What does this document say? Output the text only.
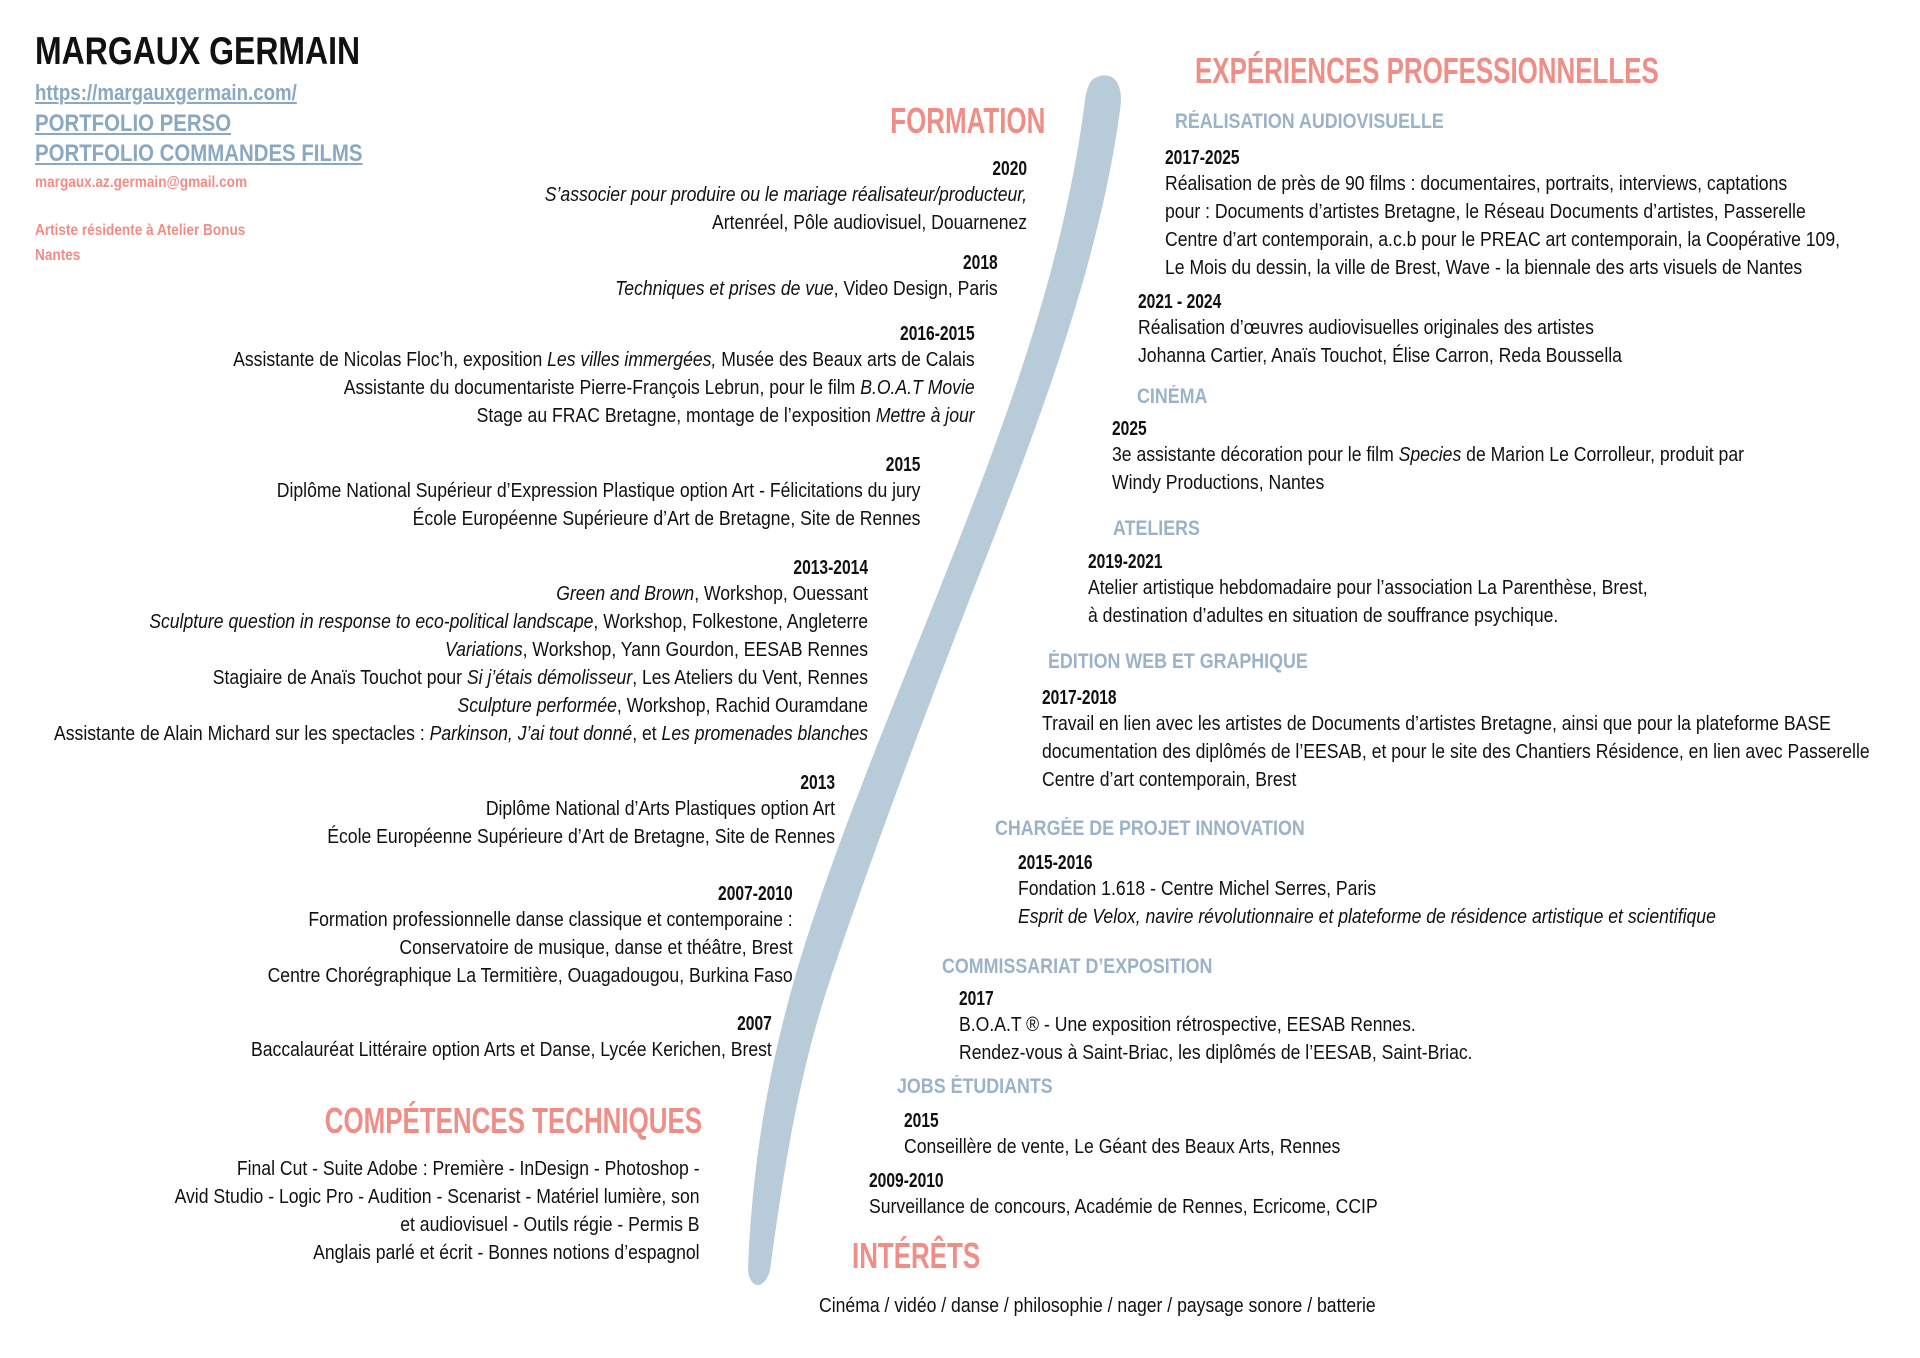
MARGAUX GERMAIN
https://margauxgermain.com/
PORTFOLIO PERSO
PORTFOLIO COMMANDES FILMS
margaux.az.germain@gmail.com
Artiste résidente à Atelier Bonus
Nantes
FORMATION
2020
S’associer pour produire ou le mariage réalisateur/producteur,
Artenréel, Pôle audiovisuel, Douarnenez
2018
Techniques et prises de vue, Video Design, Paris
2016-2015
Assistante de Nicolas Floc’h, exposition Les villes immergées, Musée des Beaux arts de Calais
Assistante du documentariste Pierre-François Lebrun, pour le film B.O.A.T Movie
Stage au FRAC Bretagne, montage de l’exposition Mettre à jour
2015
Diplôme National Supérieur d’Expression Plastique option Art - Félicitations du jury
École Européenne Supérieure d’Art de Bretagne, Site de Rennes
2013-2014
Green and Brown, Workshop, Ouessant
Sculpture question in response to eco-political landscape, Workshop, Folkestone, Angleterre
Variations, Workshop, Yann Gourdon, EESAB Rennes
Stagiaire de Anaïs Touchot pour Si j’étais démolisseur, Les Ateliers du Vent, Rennes
Sculpture performée, Workshop, Rachid Ouramdane
Assistante de Alain Michard sur les spectacles : Parkinson, J’ai tout donné, et Les promenades blanches
2013
Diplôme National d’Arts Plastiques option Art
École Européenne Supérieure d’Art de Bretagne, Site de Rennes
2007-2010
Formation professionnelle danse classique et contemporaine :
Conservatoire de musique, danse et théâtre, Brest
Centre Chorégraphique La Termitière, Ouagadougou, Burkina Faso
2007
Baccalauréat Littéraire option Arts et Danse, Lycée Kerichen, Brest
COMPÉTENCES TECHNIQUES
Final Cut - Suite Adobe : Première - InDesign - Photoshop -
Avid Studio - Logic Pro - Audition - Scenarist - Matériel lumière, son
et audiovisuel - Outils régie - Permis B
Anglais parlé et écrit - Bonnes notions d’espagnol
EXPÉRIENCES PROFESSIONNELLES
RÉALISATION AUDIOVISUELLE
2017-2025
Réalisation de près de 90 films : documentaires, portraits, interviews, captations
pour : Documents d’artistes Bretagne, le Réseau Documents d’artistes, Passerelle
Centre d’art contemporain, a.c.b pour le PREAC art contemporain, la Coopérative 109,
Le Mois du dessin, la ville de Brest, Wave - la biennale des arts visuels de Nantes
2021 - 2024
Réalisation d’œuvres audiovisuelles originales des artistes
Johanna Cartier, Anaïs Touchot, Élise Carron, Reda Boussella
CINÉMA
2025
3e assistante décoration pour le film Species de Marion Le Corrolleur, produit par
Windy Productions, Nantes
ATELIERS
2019-2021
Atelier artistique hebdomadaire pour l’association La Parenthèse, Brest,
à destination d’adultes en situation de souffrance psychique.
ÉDITION WEB ET GRAPHIQUE
2017-2018
Travail en lien avec les artistes de Documents d’artistes Bretagne, ainsi que pour la plateforme BASE
documentation des diplômés de l’EESAB, et pour le site des Chantiers Résidence, en lien avec Passerelle
Centre d’art contemporain, Brest
CHARGÉE DE PROJET INNOVATION
2015-2016
Fondation 1.618 - Centre Michel Serres, Paris
Esprit de Velox, navire révolutionnaire et plateforme de résidence artistique et scientifique
COMMISSARIAT D’EXPOSITION
2017
B.O.A.T ® - Une exposition rétrospective, EESAB Rennes.
Rendez-vous à Saint-Briac, les diplômés de l’EESAB, Saint-Briac.
JOBS ÉTUDIANTS
2015
Conseillère de vente, Le Géant des Beaux Arts, Rennes
2009-2010
Surveillance de concours, Académie de Rennes, Ecricome, CCIP
INTÉRÊTS
Cinéma / vidéo / danse / philosophie / nager / paysage sonore / batterie
